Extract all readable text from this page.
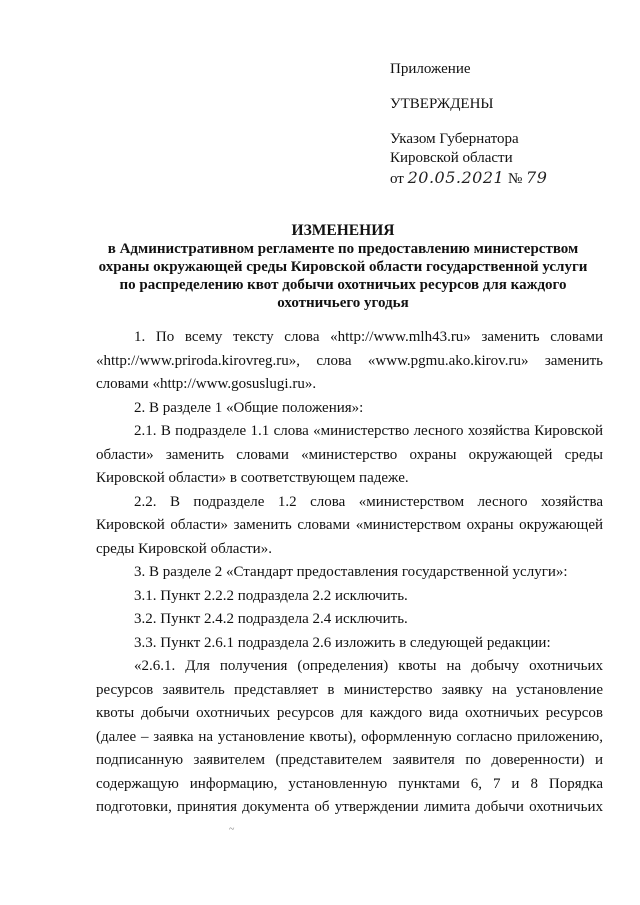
Приложение
УТВЕРЖДЕНЫ
Указом Губернатора
Кировской области
от 20.05.2021 № 79
ИЗМЕНЕНИЯ
в Административном регламенте по предоставлению министерством
охраны окружающей среды Кировской области государственной услуги
по распределению квот добычи охотничьих ресурсов для каждого
охотничьего угодья

1. По всему тексту слова «http://www.mlh43.ru» заменить словами «http://www.priroda.kirovreg.ru», слова «www.pgmu.ako.kirov.ru» заменить словами «http://www.gosuslugi.ru».

2. В разделе 1 «Общие положения»:

2.1. В подразделе 1.1 слова «министерство лесного хозяйства Кировской области» заменить словами «министерство охраны окружающей среды Кировской области» в соответствующем падеже.

2.2. В подразделе 1.2 слова «министерством лесного хозяйства Кировской области» заменить словами «министерством охраны окружающей среды Кировской области».

3. В разделе 2 «Стандарт предоставления государственной услуги»:

3.1. Пункт 2.2.2 подраздела 2.2 исключить.

3.2. Пункт 2.4.2 подраздела 2.4 исключить.

3.3. Пункт 2.6.1 подраздела 2.6 изложить в следующей редакции:

«2.6.1. Для получения (определения) квоты на добычу охотничьих ресурсов заявитель представляет в министерство заявку на установление квоты добычи охотничьих ресурсов для каждого вида охотничьих ресурсов (далее – заявка на установление квоты), оформленную согласно приложению, подписанную заявителем (представителем заявителя по доверенности) и содержащую информацию, установленную пунктами 6, 7 и 8 Порядка подготовки, принятия документа об утверждении лимита добычи охотничьих

~
